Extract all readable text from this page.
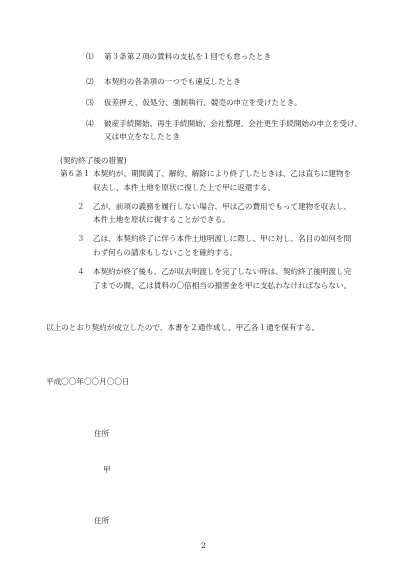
⑴ 第３条第２項の賃料の支払を１回でも怠ったとき
⑵ 本契約の各条項の一つでも違反したとき
⑶ 仮差押え、仮処分、強制執行、競売の申立を受けたとき。
⑷ 破産手続開始、再生手続開始、会社整理、会社更生手続開始の申立を受け、
又は申立をなしたとき
(契約終了後の措置)
第６条１ 本契約が、期間満了、解約、解除により終了したときは、乙は直ちに建物を
収去し、本件土地を原状に復した上で甲に返還する。
２ 乙が、前項の義務を履行しない場合、甲は乙の費用でもって建物を収去し、
本件土地を原状に復することができる。
３ 乙は、本契約終了に伴う本件土地明渡しに際し、甲に対し、名目の如何を問
わず何らの請求もしないことを確約する。
４ 本契約が終了後も、乙が収去明渡しを完了しない時は、契約終了後明渡し完
了までの間、乙は賃料の〇倍相当の損害金を甲に支払わなければならない。
以上のとおり契約が成立したので、本書を２通作成し、甲乙各１通を保有する。
平成〇〇年〇〇月〇〇日
住所
甲
住所
2
